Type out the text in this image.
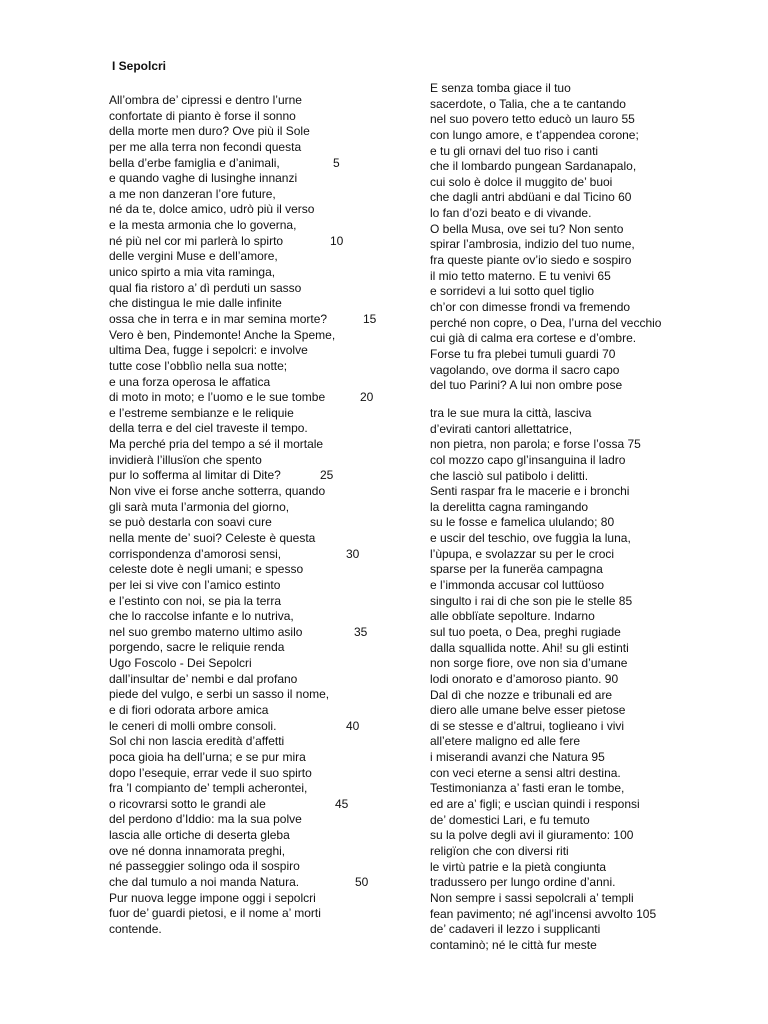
I Sepolcri
All’ombra de’ cipressi e dentro l’urne
confortate di pianto è forse il sonno
della morte men duro? Ove più il Sole
per me alla terra non fecondi questa
bella d’erbe famiglia e d’animali,	5
e quando vaghe di lusinghe innanzi
a me non danzeran l’ore future,
né da te, dolce amico, udrò più il verso
e la mesta armonia che lo governa,
né più nel cor mi parlerà lo spirto	10
delle vergini Muse e dell’amore,
unico spirto a mia vita raminga,
qual fia ristoro a’ dì perduti un sasso
che distingua le mie dalle infinite
ossa che in terra e in mar semina morte?	15
Vero è ben, Pindemonte! Anche la Speme,
ultima Dea, fugge i sepolcri: e involve
tutte cose l’obblìo nella sua notte;
e una forza operosa le affatica
di moto in moto; e l’uomo e le sue tombe	20
e l’estreme sembianze e le reliquie
della terra e del ciel traveste il tempo.
Ma perché pria del tempo a sé il mortale
invidierà l’illusïon che spento
pur lo sofferma al limitar di Dite?	25
Non vive ei forse anche sotterra, quando
gli sarà muta l’armonia del giorno,
se può destarla con soavi cure
nella mente de’ suoi? Celeste è questa
corrispondenza d’amorosi sensi,	30
celeste dote è negli umani; e spesso
per lei si vive con l’amico estinto
e l’estinto con noi, se pia la terra
che lo raccolse infante e lo nutriva,
nel suo grembo materno ultimo asilo	35
porgendo, sacre le reliquie renda
Ugo Foscolo - Dei Sepolcri
dall’insultar de’ nembi e dal profano
piede del vulgo, e serbi un sasso il nome,
e di fiori odorata arbore amica
le ceneri di molli ombre consoli.	40
Sol chi non lascia eredità d’affetti
poca gioia ha dell’urna; e se pur mira
dopo l’esequie, errar vede il suo spirto
fra ’l compianto de’ templi acherontei,
o ricovrarsi sotto le grandi ale	45
del perdono d’Iddio: ma la sua polve
lascia alle ortiche di deserta gleba
ove né donna innamorata preghi,
né passeggier solingo oda il sospiro
che dal tumulo a noi manda Natura.	50
Pur nuova legge impone oggi i sepolcri
fuor de’ guardi pietosi, e il nome a’ morti
contende.
E senza tomba giace il tuo
sacerdote, o Talia, che a te cantando
nel suo povero tetto educò un lauro 55
con lungo amore, e t’appendea corone;
e tu gli ornavi del tuo riso i canti
che il lombardo pungean Sardanapalo,
cui solo è dolce il muggito de’ buoi
che dagli antri abdüani e dal Ticino 60
lo fan d’ozi beato e di vivande.
O bella Musa, ove sei tu? Non sento
spirar l’ambrosia, indizio del tuo nume,
fra queste piante ov’io siedo e sospiro
il mio tetto materno. E tu venivi 65
e sorridevi a lui sotto quel tiglio
ch’or con dimesse frondi va fremendo
perché non copre, o Dea, l’urna del vecchio
cui già di calma era cortese e d’ombre.
Forse tu fra plebei tumuli guardi 70
vagolando, ove dorma il sacro capo
del tuo Parini? A lui non ombre pose
tra le sue mura la città, lasciva
d’evirati cantori allettatrice,
non pietra, non parola; e forse l’ossa 75
col mozzo capo gl’insanguina il ladro
che lasciò sul patibolo i delitti.
Senti raspar fra le macerie e i bronchi
la derelitta cagna ramingando
su le fosse e famelica ululando; 80
e uscir del teschio, ove fuggìa la luna,
l’ùpupa, e svolazzar su per le croci
sparse per la funerëa campagna
e l’immonda accusar col luttüoso
singulto i rai di che son pie le stelle 85
alle obblïate sepolture. Indarno
sul tuo poeta, o Dea, preghi rugiade
dalla squallida notte. Ahi! su gli estinti
non sorge fiore, ove non sia d’umane
lodi onorato e d’amoroso pianto. 90
Dal dì che nozze e tribunali ed are
diero alle umane belve esser pietose
di se stesse e d’altrui, toglieano i vivi
all’etere maligno ed alle fere
i miserandi avanzi che Natura 95
con veci eterne a sensi altri destina.
Testimonianza a’ fasti eran le tombe,
ed are a’ figli; e uscìan quindi i responsi
de’ domestici Lari, e fu temuto
su la polve degli avi il giuramento: 100
religïon che con diversi riti
le virtù patrie e la pietà congiunta
tradussero per lungo ordine d’anni.
Non sempre i sassi sepolcrali a’ templi
fean pavimento; né agl’incensi avvolto 105
de’ cadaveri il lezzo i supplicanti
contaminò; né le città fur meste
